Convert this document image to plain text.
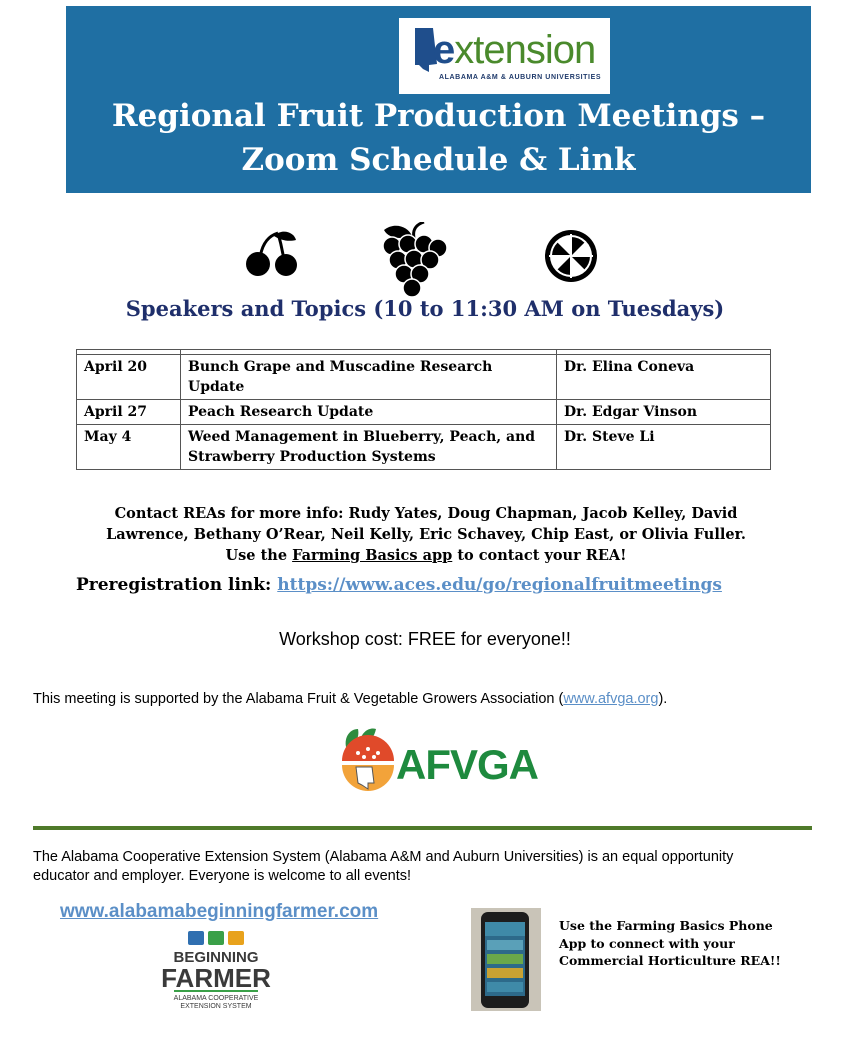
extension
ALABAMA A&M & AUBURN UNIVERSITIES
Regional Fruit Production Meetings –
Zoom Schedule & Link
Speakers and Topics (10 to 11:30 AM on Tuesdays)

April 20	Bunch Grape and Muscadine Research Update	Dr. Elina Coneva
April 27	Peach Research Update	Dr. Edgar Vinson
May 4	Weed Management in Blueberry, Peach, and Strawberry Production Systems	Dr. Steve Li
Contact REAs for more info: Rudy Yates, Doug Chapman, Jacob Kelley, David Lawrence, Bethany O’Rear, Neil Kelly, Eric Schavey, Chip East, or Olivia Fuller. Use the Farming Basics app to contact your REA!
Preregistration link: https://www.aces.edu/go/regionalfruitmeetings
Workshop cost: FREE for everyone!!
This meeting is supported by the Alabama Fruit & Vegetable Growers Association (www.afvga.org).
AFVGA
The Alabama Cooperative Extension System (Alabama A&M and Auburn Universities) is an equal opportunity educator and employer. Everyone is welcome to all events!
www.alabamabeginningfarmer.com
BEGINNING
FARMER
ALABAMA COOPERATIVE
EXTENSION SYSTEM
Use the Farming Basics Phone App to connect with your Commercial Horticulture REA!!
